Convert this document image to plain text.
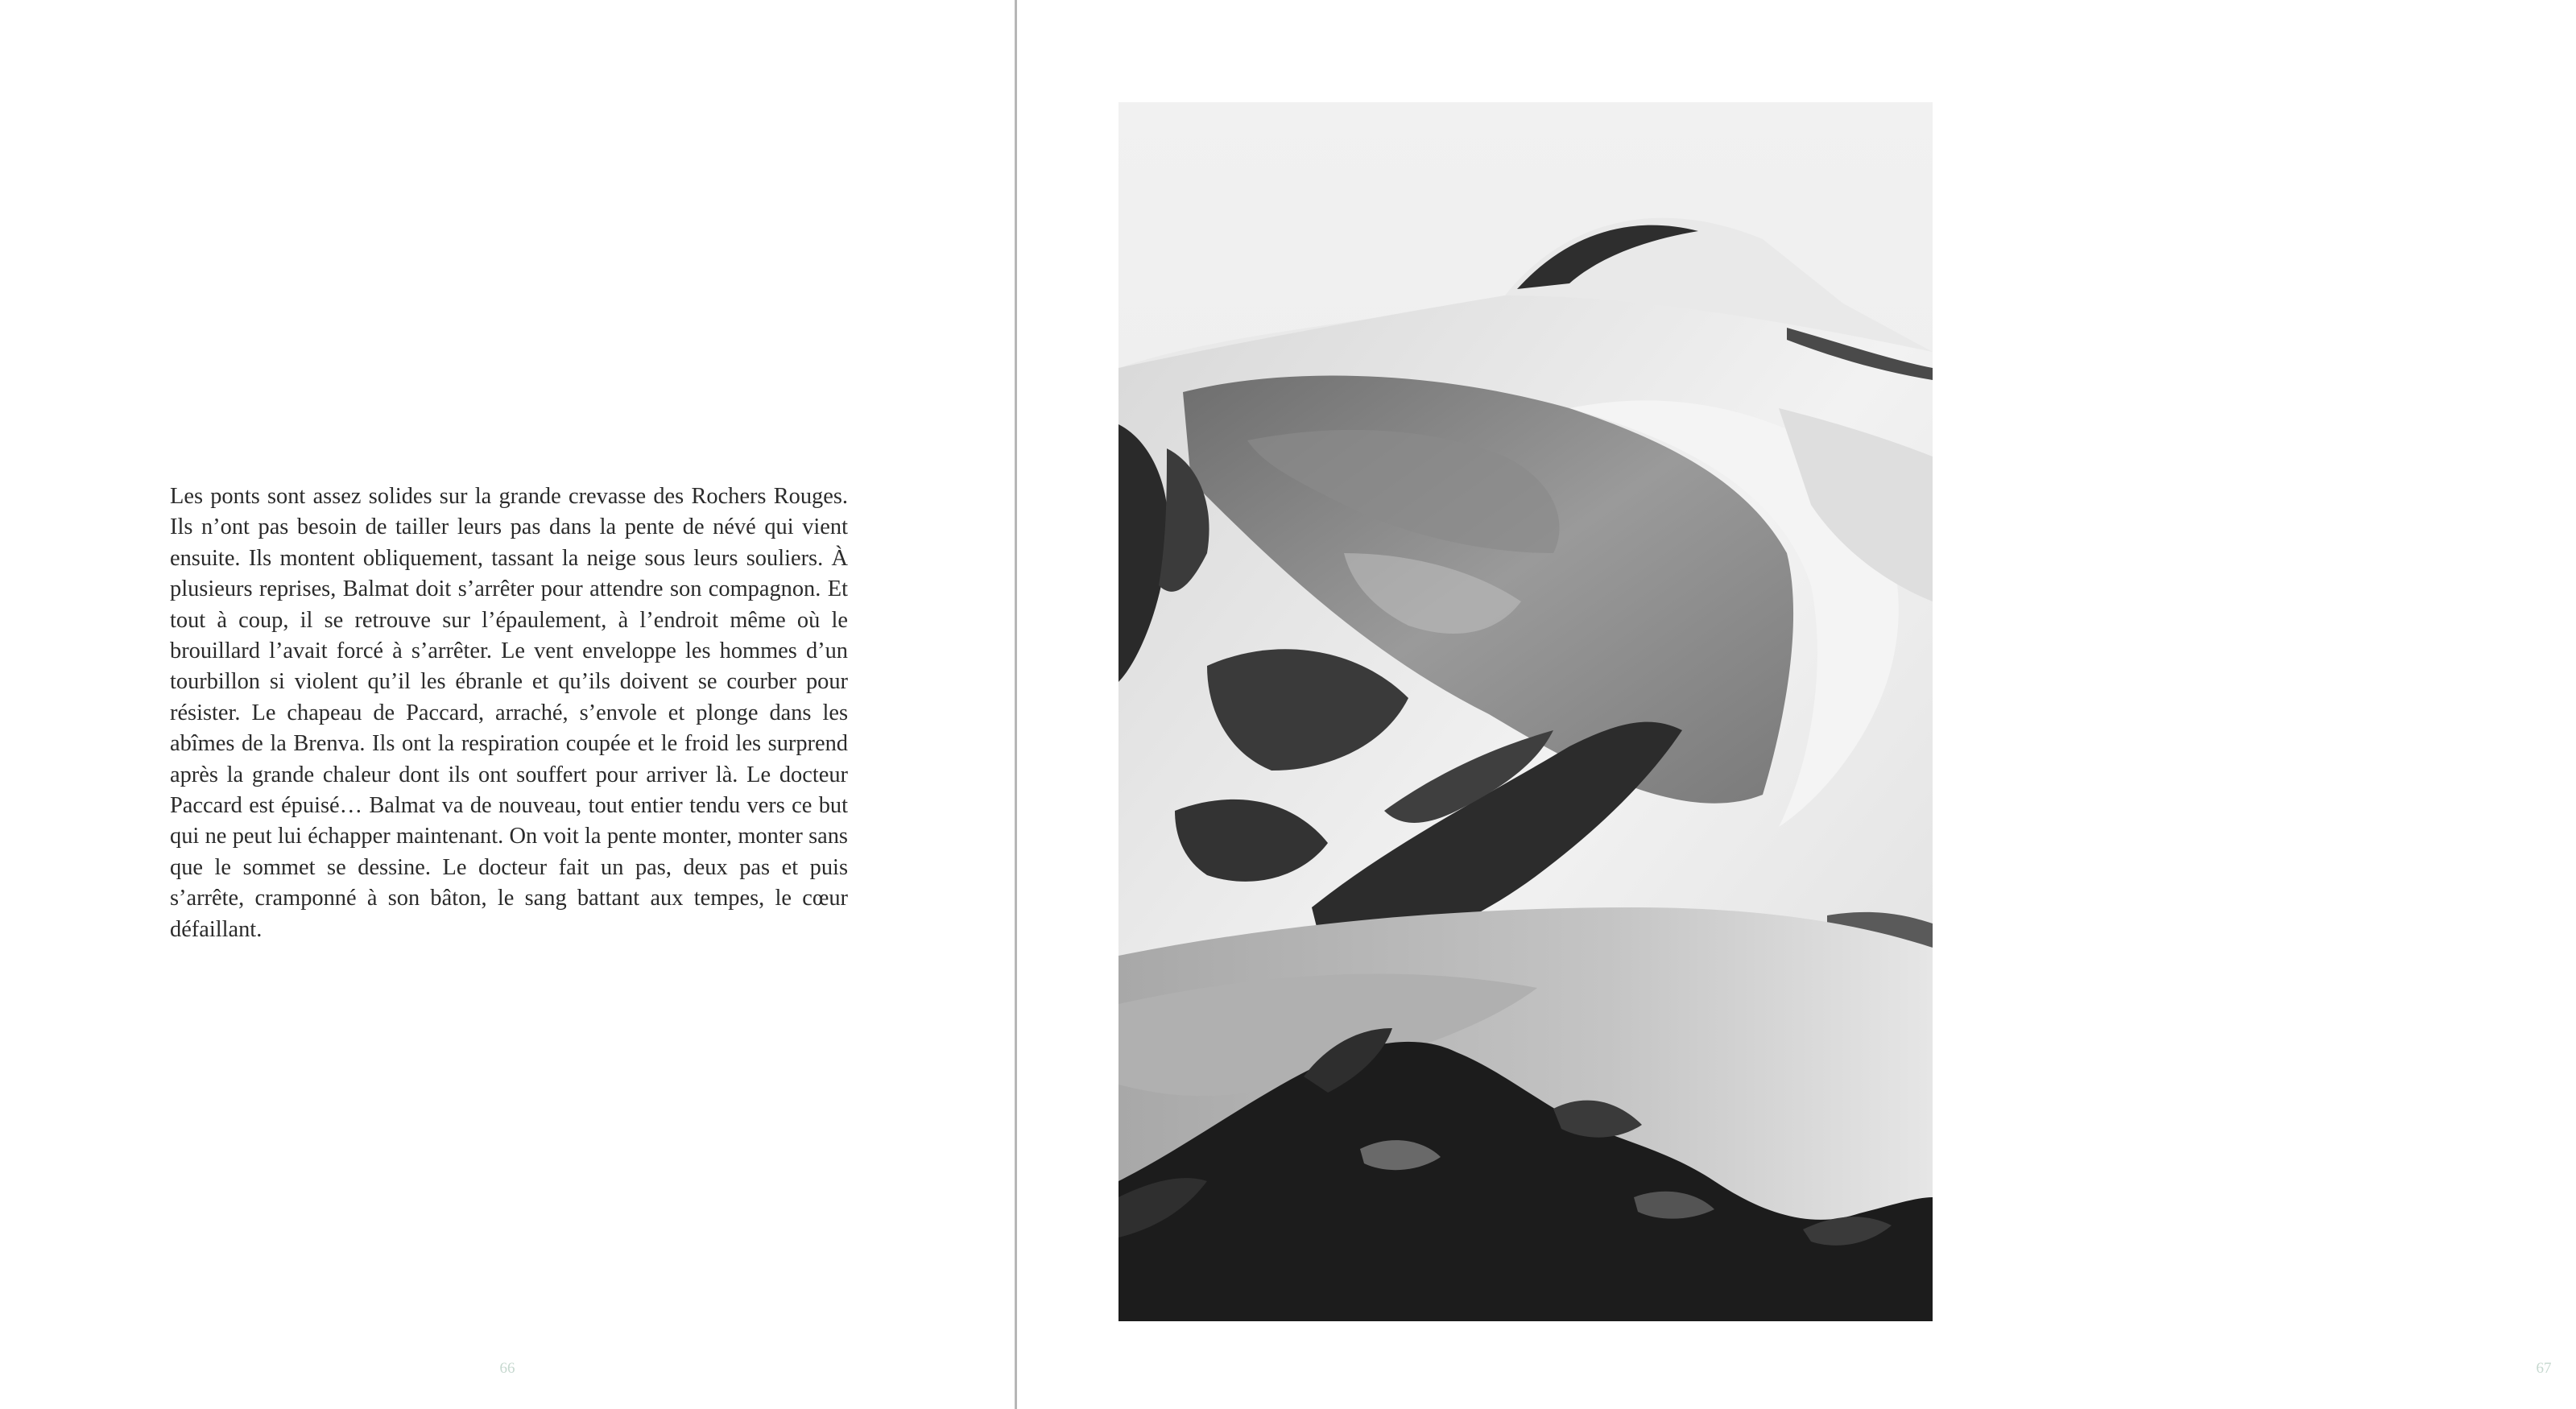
Les ponts sont assez solides sur la grande crevasse des Rochers Rouges. Ils n’ont pas besoin de tailler leurs pas dans la pente de névé qui vient ensuite. Ils montent obliquement, tassant la neige sous leurs souliers. À plusieurs reprises, Balmat doit s’arrêter pour attendre son compagnon. Et tout à coup, il se retrouve sur l’épaulement, à l’endroit même où le brouillard l’avait forcé à s’arrêter. Le vent enveloppe les hommes d’un tourbillon si violent qu’il les ébranle et qu’ils doivent se courber pour résister. Le chapeau de Paccard, arraché, s’envole et plonge dans les abîmes de la Brenva. Ils ont la respiration coupée et le froid les surprend après la grande chaleur dont ils ont souffert pour arriver là. Le docteur Paccard est épuisé… Balmat va de nouveau, tout entier tendu vers ce but qui ne peut lui échapper maintenant. On voit la pente monter, monter sans que le sommet se dessine. Le docteur fait un pas, deux pas et puis s’arrête, cramponné à son bâton, le sang battant aux tempes, le cœur défaillant.

66	67
